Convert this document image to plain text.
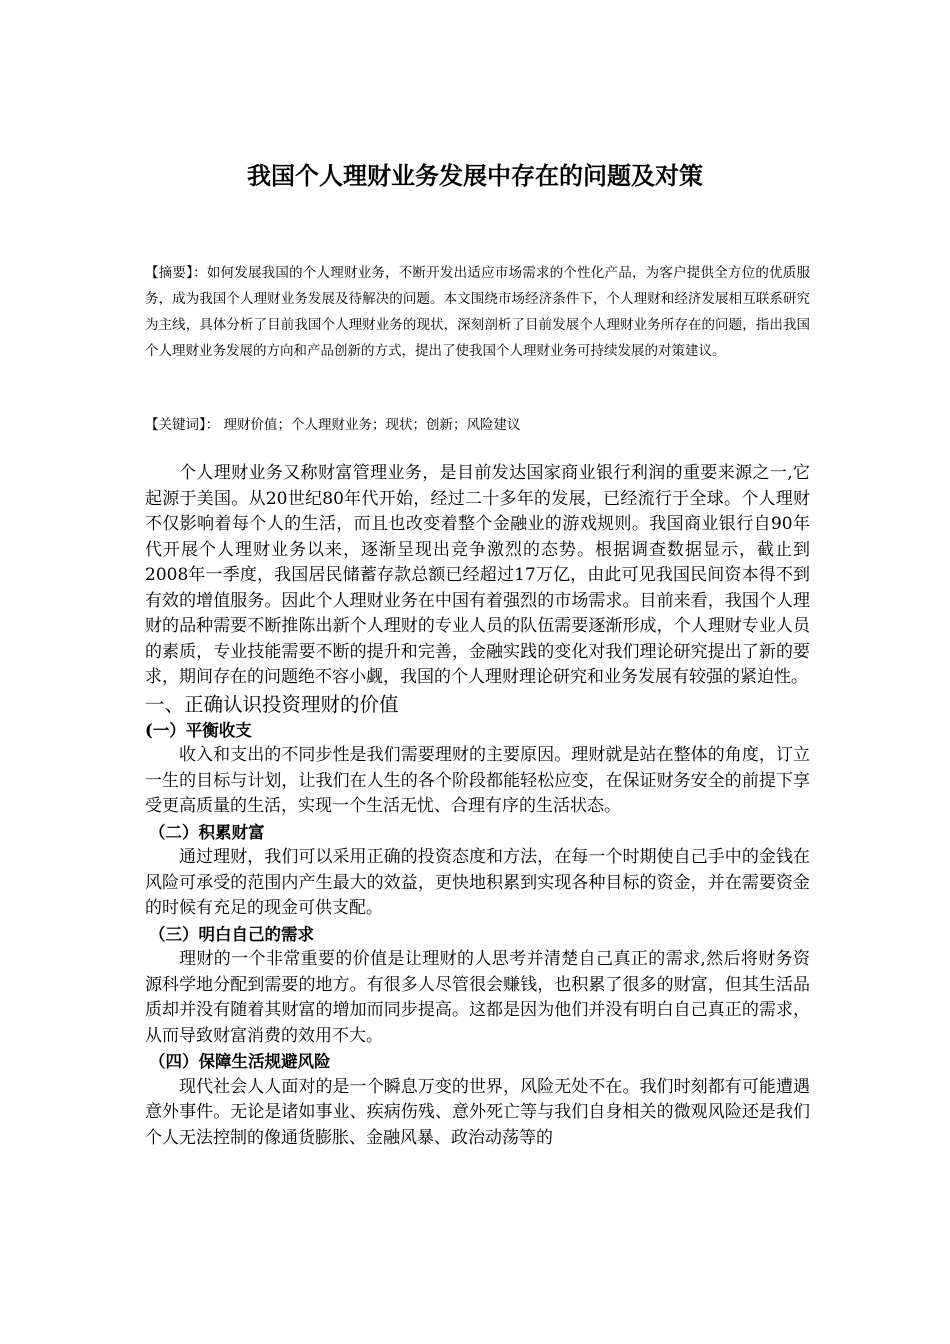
我国个人理财业务发展中存在的问题及对策

【摘要】：如何发展我国的个人理财业务，不断开发出适应市场需求的个性化产品，为客户提供全方位的优质服务，成为我国个人理财业务发展及待解决的问题。本文围绕市场经济条件下，个人理财和经济发展相互联系研究为主线，具体分析了目前我国个人理财业务的现状，深刻剖析了目前发展个人理财业务所存在的问题，指出我国个人理财业务发展的方向和产品创新的方式，提出了使我国个人理财业务可持续发展的对策建议。

【关键词】： 理财价值；个人理财业务；现状；创新；风险建议

个人理财业务又称财富管理业务，是目前发达国家商业银行利润的重要来源之一,它起源于美国。从20世纪80年代开始，经过二十多年的发展，已经流行于全球。个人理财不仅影响着每个人的生活，而且也改变着整个金融业的游戏规则。我国商业银行自90年代开展个人理财业务以来，逐渐呈现出竞争激烈的态势。根据调查数据显示，截止到2008年一季度，我国居民储蓄存款总额已经超过17万亿，由此可见我国民间资本得不到有效的增值服务。因此个人理财业务在中国有着强烈的市场需求。目前来看，我国个人理财的品种需要不断推陈出新个人理财的专业人员的队伍需要逐渐形成，个人理财专业人员的素质，专业技能需要不断的提升和完善，金融实践的变化对我们理论研究提出了新的要求，期间存在的问题绝不容小觑，我国的个人理财理论研究和业务发展有较强的紧迫性。

一、正确认识投资理财的价值
(一）平衡收支

收入和支出的不同步性是我们需要理财的主要原因。理财就是站在整体的角度，订立一生的目标与计划，让我们在人生的各个阶段都能轻松应变，在保证财务安全的前提下享受更高质量的生活，实现一个生活无忧、合理有序的生活状态。

（二）积累财富

通过理财，我们可以采用正确的投资态度和方法，在每一个时期使自己手中的金钱在风险可承受的范围内产生最大的效益，更快地积累到实现各种目标的资金，并在需要资金的时候有充足的现金可供支配。

（三）明白自己的需求

理财的一个非常重要的价值是让理财的人思考并清楚自己真正的需求,然后将财务资源科学地分配到需要的地方。有很多人尽管很会赚钱，也积累了很多的财富，但其生活品质却并没有随着其财富的增加而同步提高。这都是因为他们并没有明白自己真正的需求，从而导致财富消费的效用不大。

（四）保障生活规避风险

现代社会人人面对的是一个瞬息万变的世界，风险无处不在。我们时刻都有可能遭遇意外事件。无论是诸如事业、疾病伤残、意外死亡等与我们自身相关的微观风险还是我们个人无法控制的像通货膨胀、金融风暴、政治动荡等的
